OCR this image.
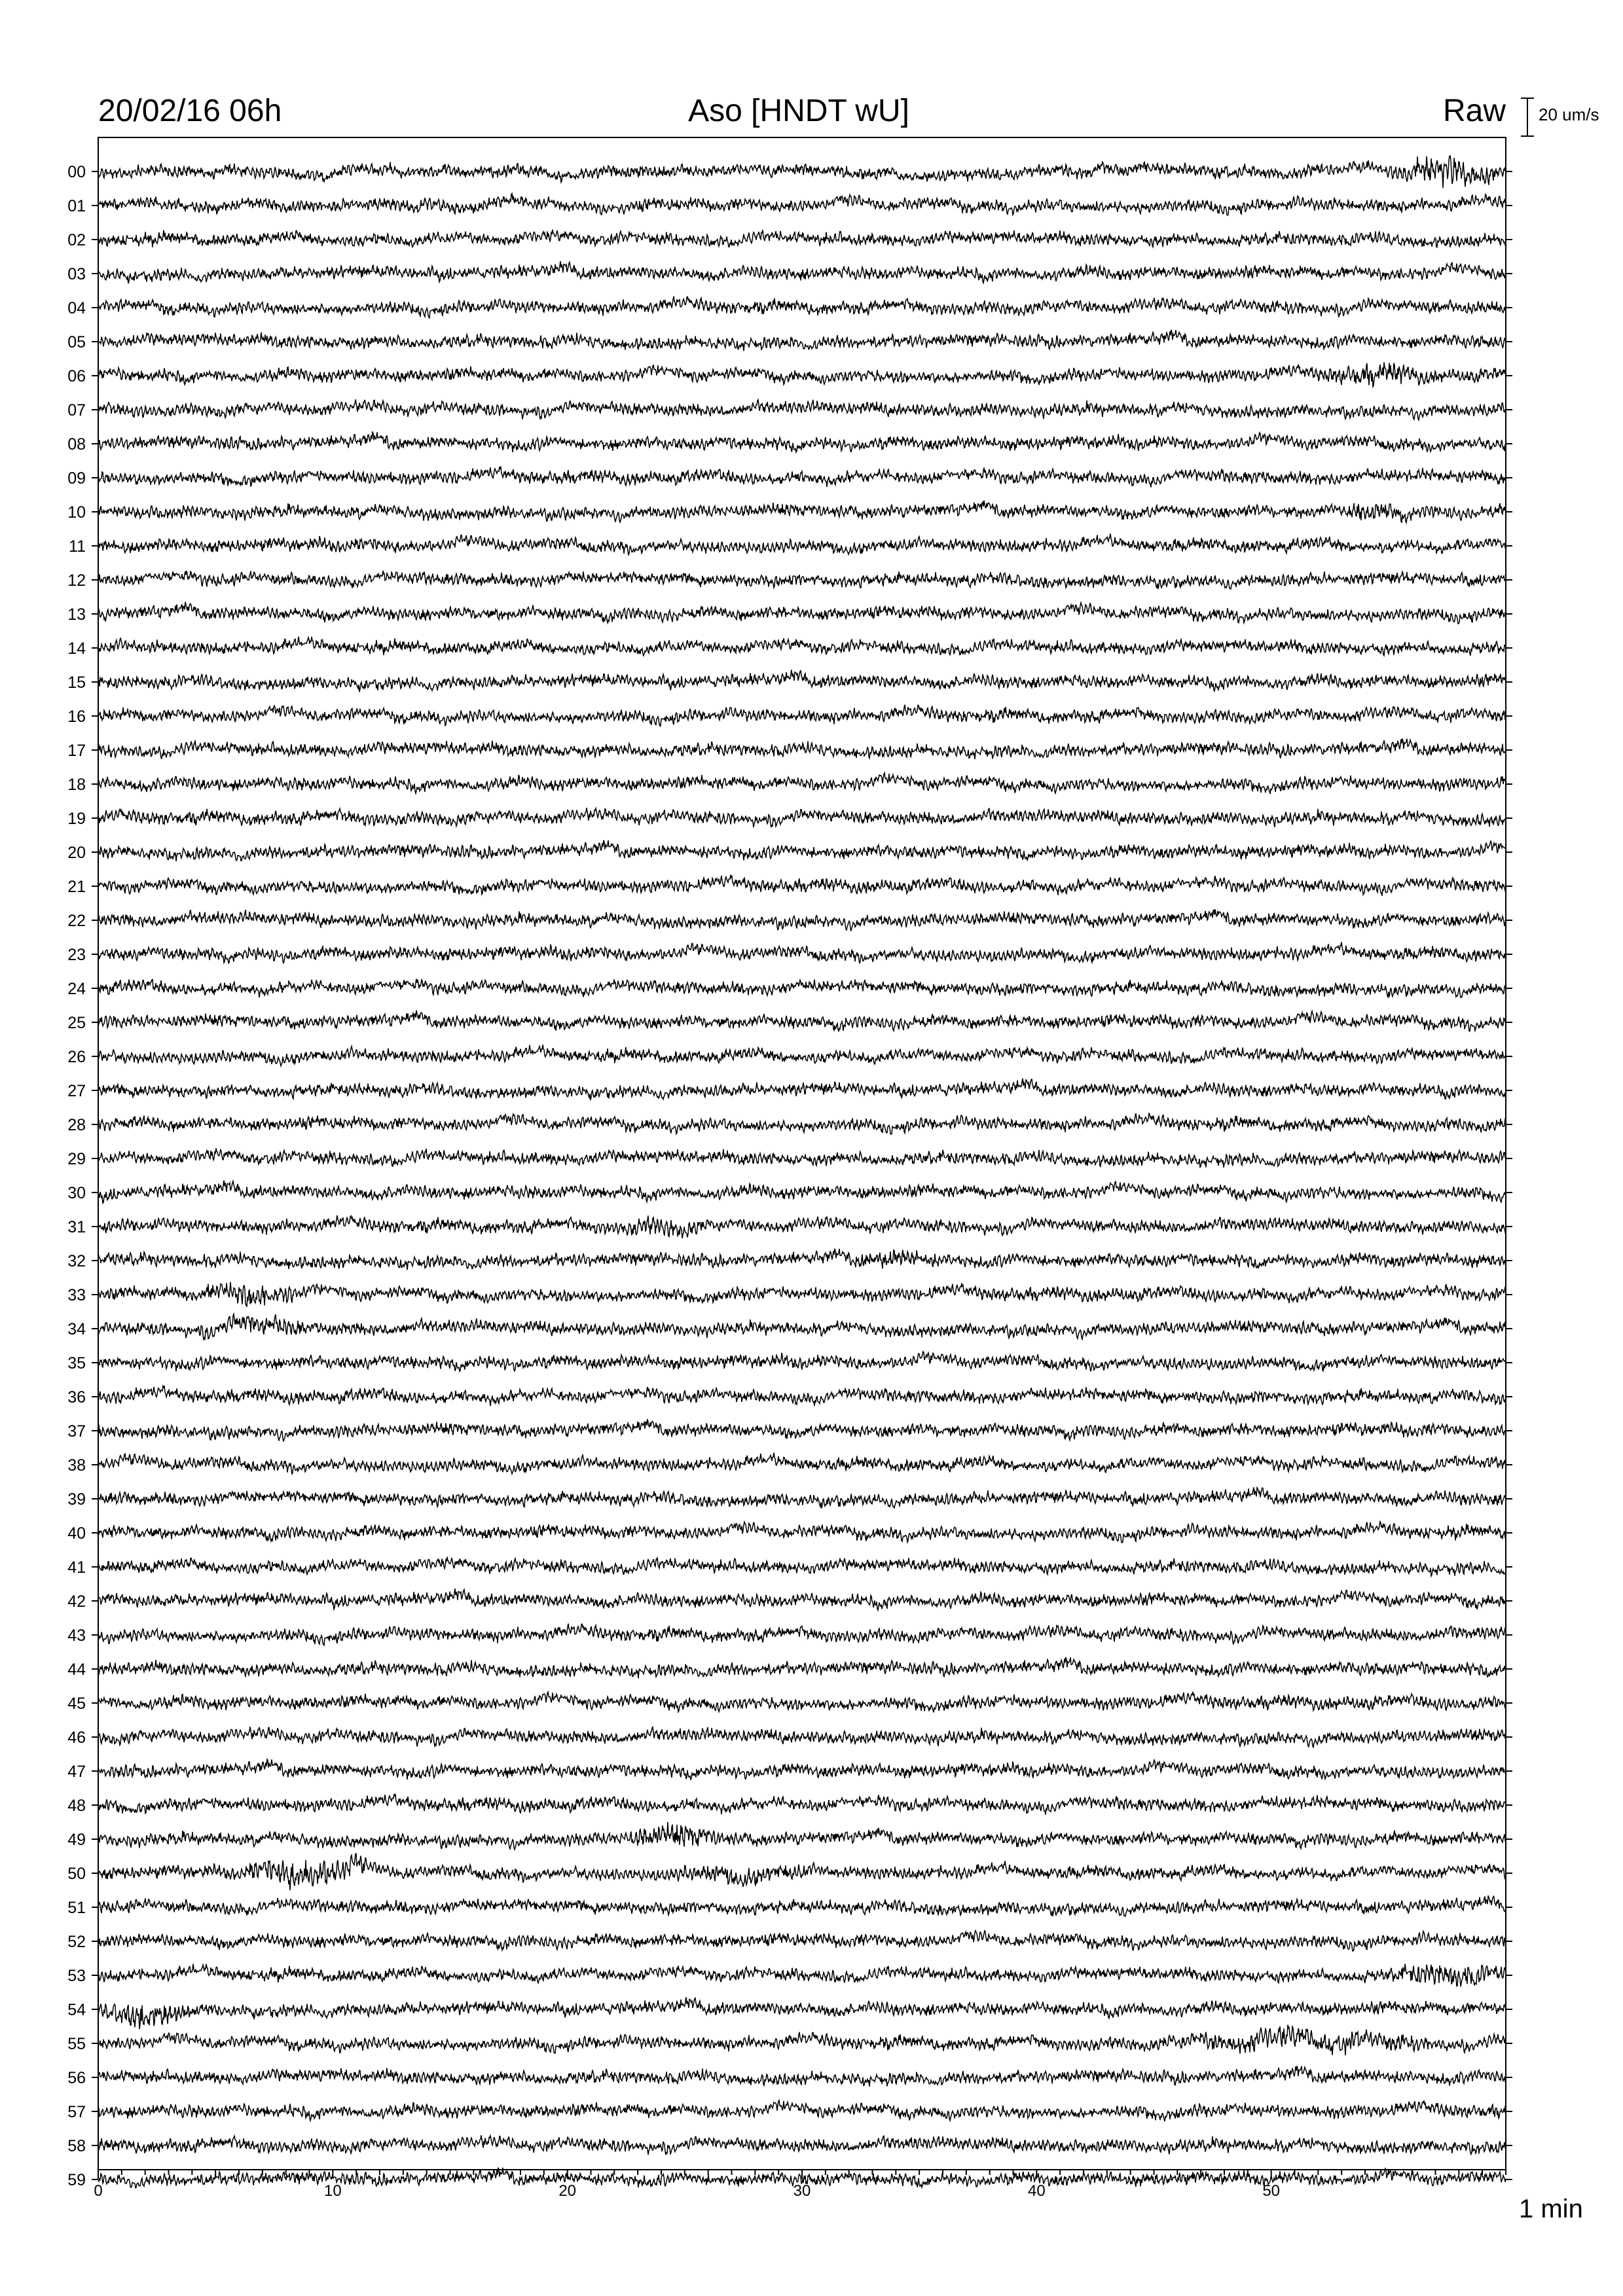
20/02/16 06h	Aso [HNDT wU]	Raw 20 um/s
1 min
00
01
02
03
04
05
06
07
08
09
10
11
12
13
14
15
16
17
18
19
20
21
22
23
24
25
26
27
28
29
30
31
32
33
34
35
36
37
38
39
40
41
42
43
44
45
46
47
48
49
50
51
52
53
54
55
56
57
58
59
0	10	20	30	40	50
